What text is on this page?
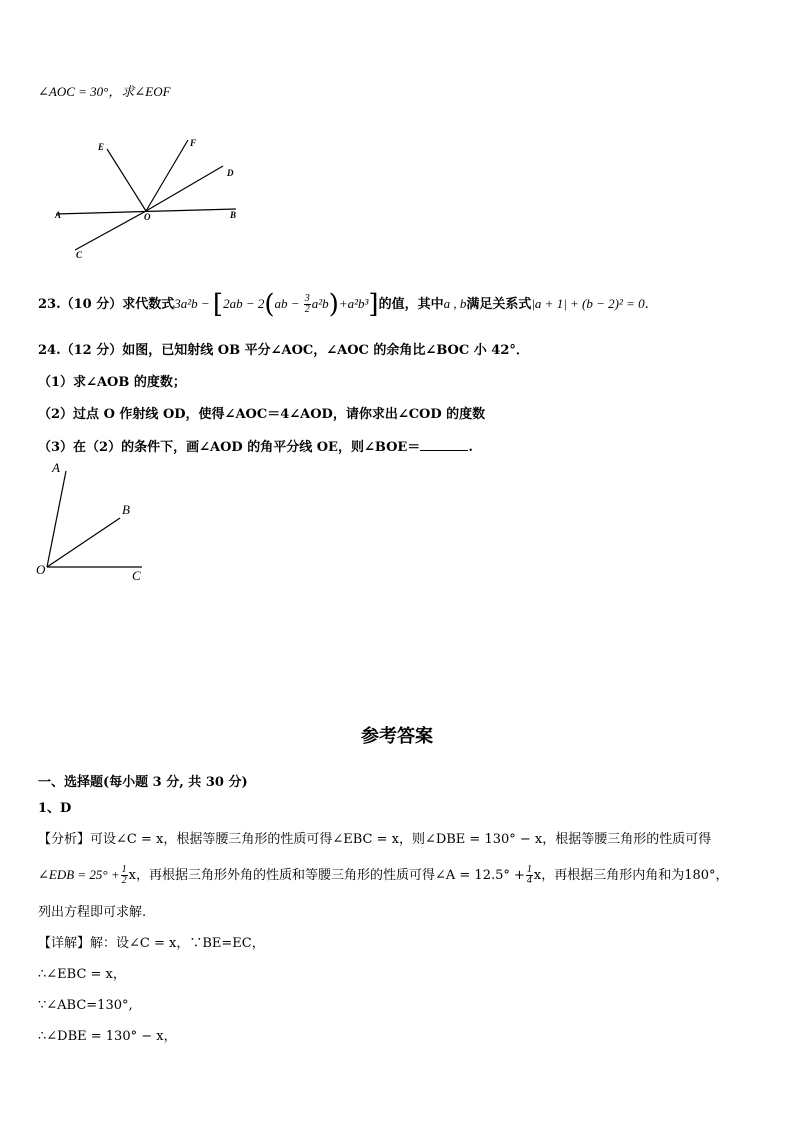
∠AOC = 30°，求∠EOF
E	F
D
A	O	B
C
23.（10 分）求代数式$3a^2b - [2ab - 2(ab - \frac{3}{2} a^2b)+a^2b^3]$的值，其中a , b满足关系式|a + 1| + (b − 2)² = 0.
24.（12 分）如图，已知射线 OB 平分∠AOC，∠AOC 的余角比∠BOC 小 42°．
（1）求∠AOB 的度数；
（2）过点 O 作射线 OD，使得∠AOC＝4∠AOD，请你求出∠COD 的度数
（3）在（2）的条件下，画∠AOD 的角平分线 OE，则∠BOE＝	.
A
B
O	C
参考答案
一、选择题(每小题 3 分, 共 30 分)
1、D
【分析】可设∠C = x，根据等腰三角形的性质可得∠EBC = x，则∠DBE = 130° − x，根据等腰三角形的性质可得
∠EDB = $25^\circ + \frac{1}{2}$ x，再根据三角形外角的性质和等腰三角形的性质可得∠A = $12.5^\circ + \frac{1}{4}$ x，再根据三角形内角和为180°，
列出方程即可求解.
【详解】解：设∠C = x，∵BE=EC，
∴∠EBC = x，
∵∠ABC=130°,
∴∠DBE = 130° − x，
